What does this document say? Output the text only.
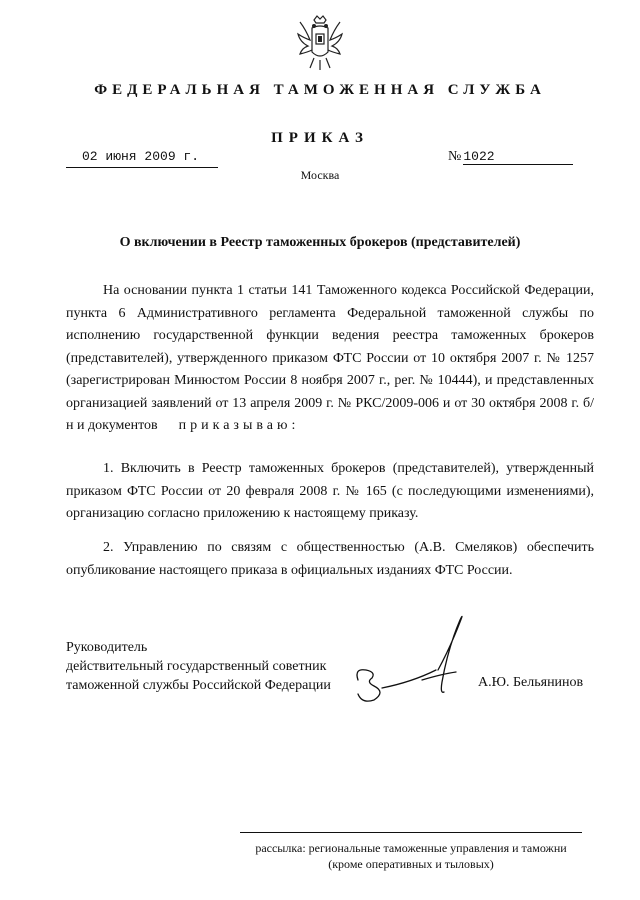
ФЕДЕРАЛЬНАЯ ТАМОЖЕННАЯ СЛУЖБА
ПРИКАЗ
02 июня 2009 г.	№ 1022
Москва
О включении в Реестр таможенных брокеров (представителей)

На основании пункта 1 статьи 141 Таможенного кодекса Российской Федерации, пункта 6 Административного регламента Федеральной таможенной службы по исполнению государственной функции ведения реестра таможенных брокеров (представителей), утвержденного приказом ФТС России от 10 октября 2007 г. № 1257 (зарегистрирован Минюстом России 8 ноября 2007 г., рег. № 10444), и представленных организацией заявлений от 13 апреля 2009 г. № РКС/2009-006 и от 30 октября 2008 г. б/н и документов приказываю:

1. Включить в Реестр таможенных брокеров (представителей), утвержденный приказом ФТС России от 20 февраля 2008 г. № 165 (с последующими изменениями), организацию согласно приложению к настоящему приказу.

2. Управлению по связям с общественностью (А.В. Смеляков) обеспечить опубликование настоящего приказа в официальных изданиях ФТС России.

Руководитель
действительный государственный советник
таможенной службы Российской Федерации	А.Ю. Бельянинов
рассылка: региональные таможенные управления и таможни
(кроме оперативных и тыловых)
